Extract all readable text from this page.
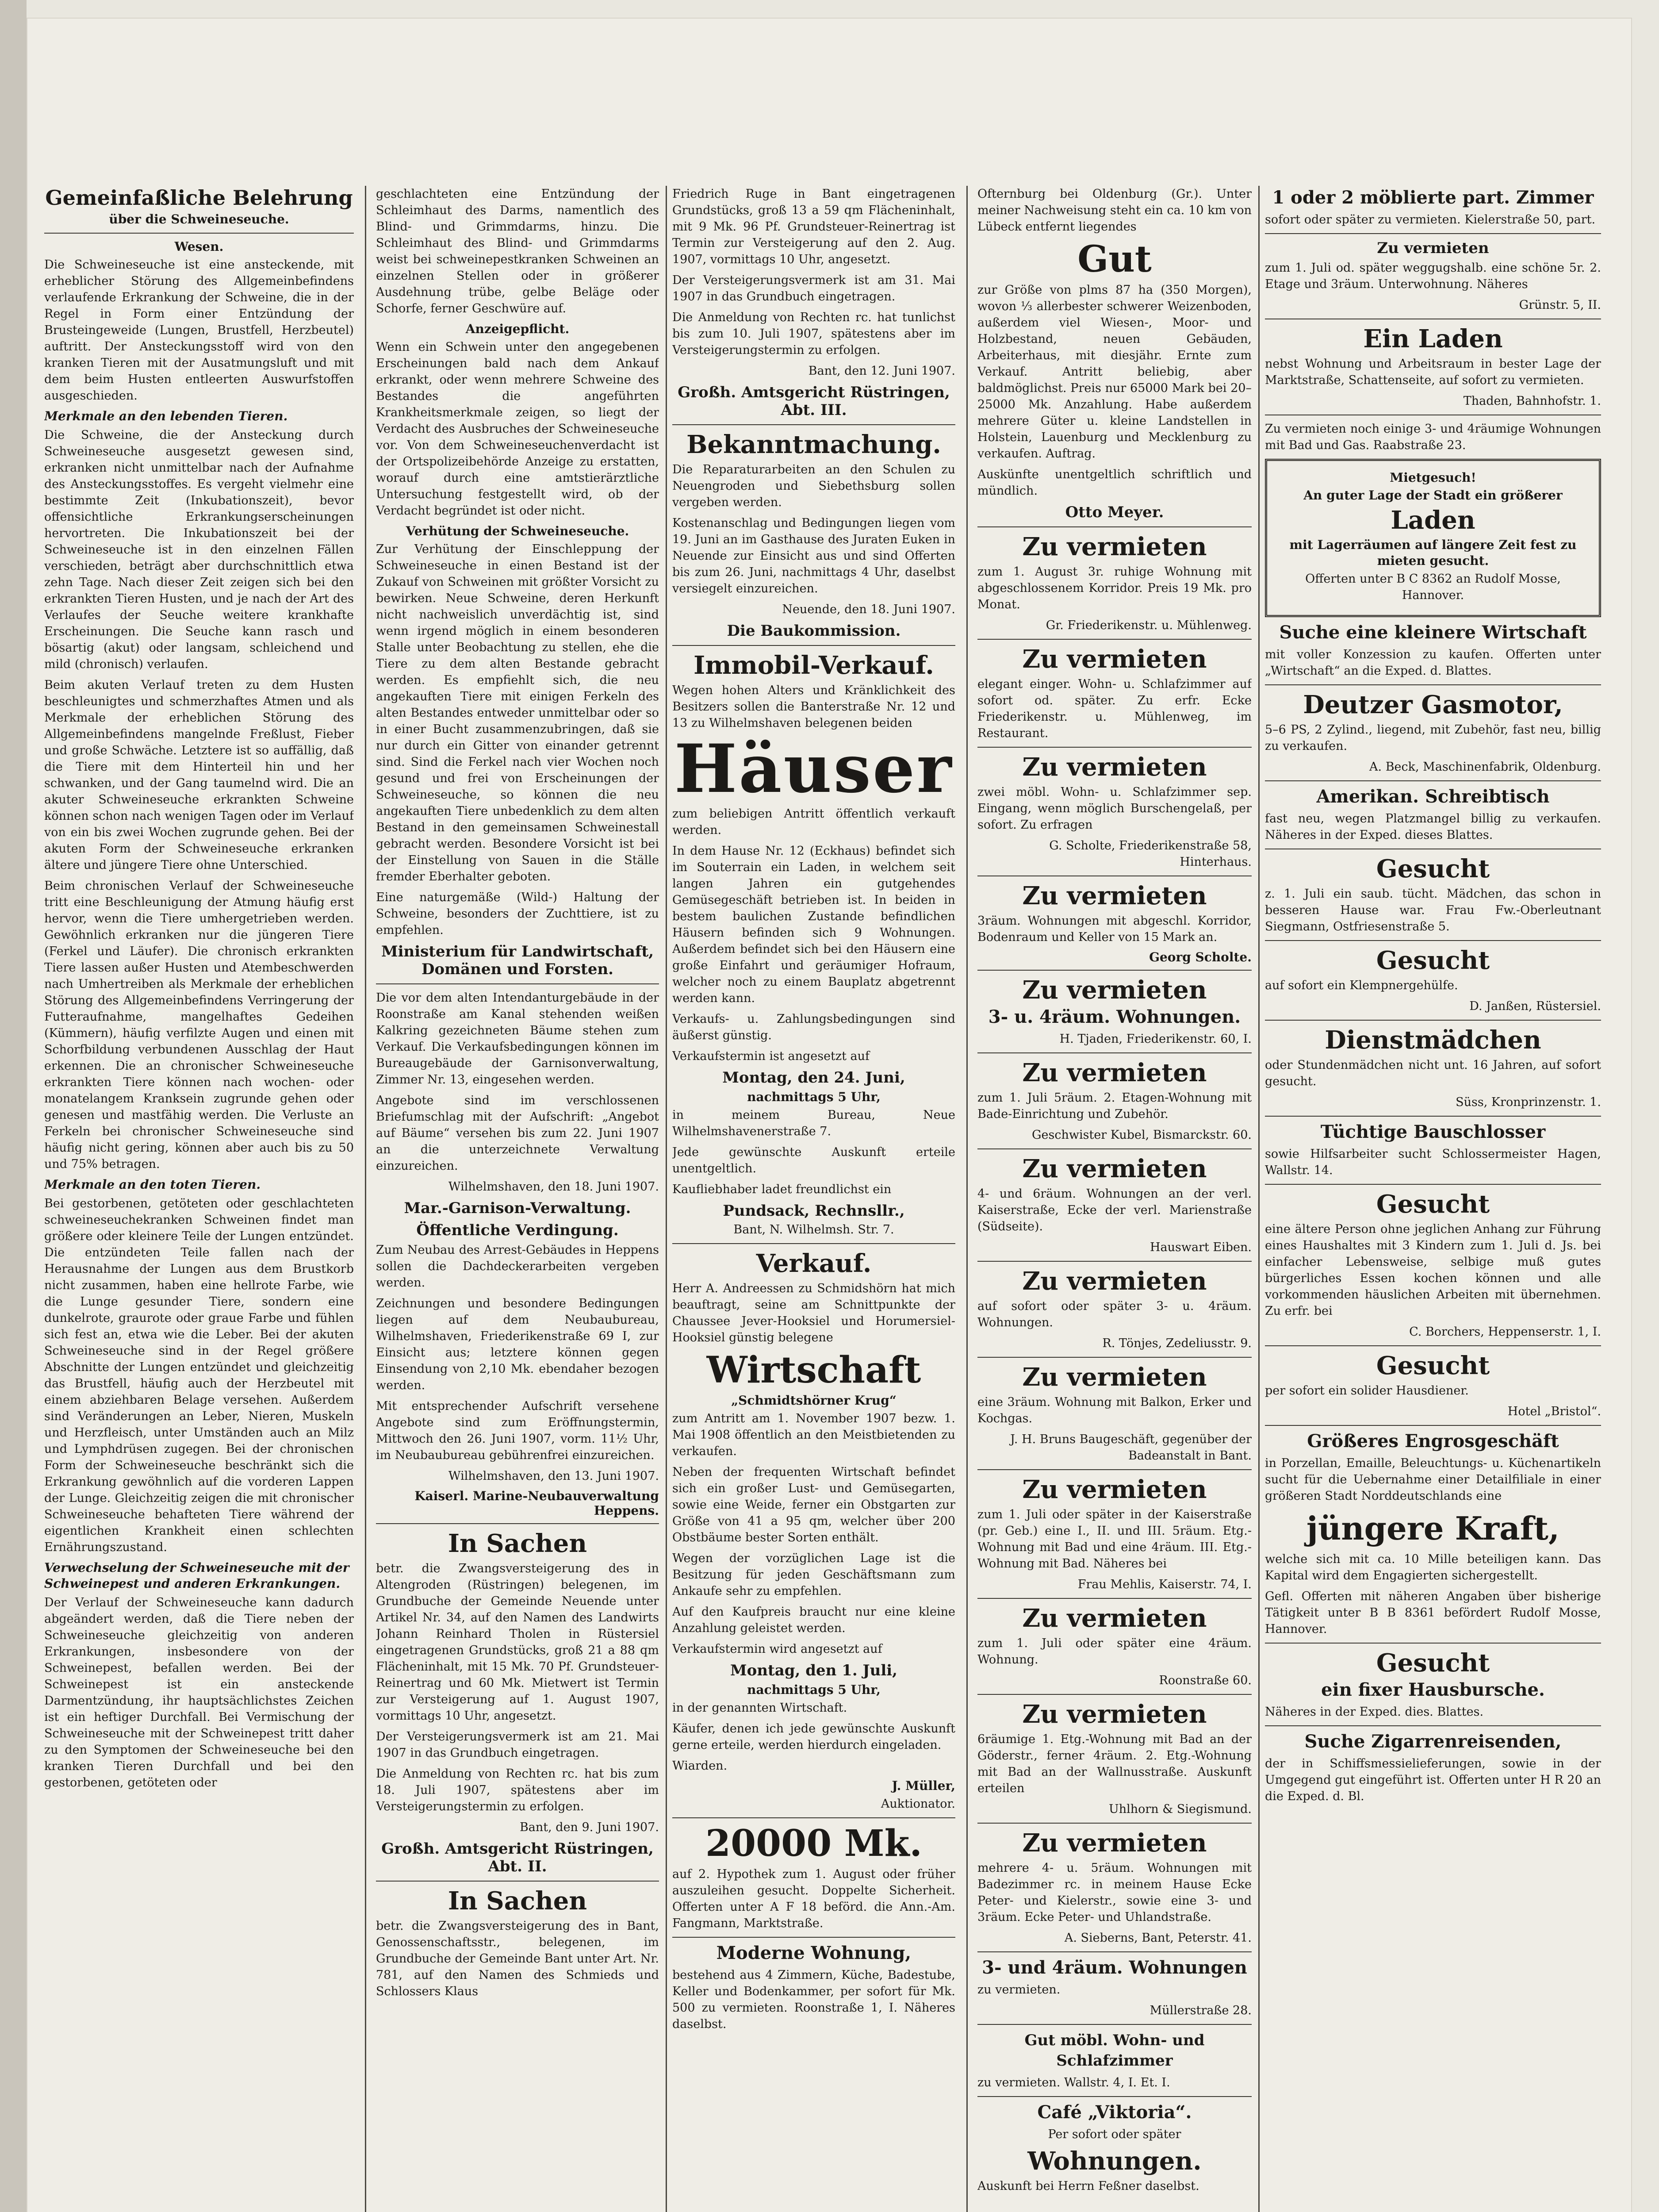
Gemeinfaßliche Belehrung
über die Schweineseuche.
Wesen.

Die Schweineseuche ist eine ansteckende, mit erheblicher Störung des Allgemeinbefindens verlaufende Erkrankung der Schweine, die in der Regel in Form einer Entzündung der Brusteingeweide (Lungen, Brustfell, Herzbeutel) auftritt. Der Ansteckungsstoff wird von den kranken Tieren mit der Ausatmungsluft und mit dem beim Husten entleerten Auswurfstoffen ausgeschieden.

Merkmale an den lebenden Tieren.

Die Schweine, die der Ansteckung durch Schweineseuche ausgesetzt gewesen sind, erkranken nicht unmittelbar nach der Aufnahme des Ansteckungsstoffes. Es vergeht vielmehr eine bestimmte Zeit (Inkubationszeit), bevor offensichtliche Erkrankungserscheinungen hervortreten. Die Inkubationszeit bei der Schweineseuche ist in den einzelnen Fällen verschieden, beträgt aber durchschnittlich etwa zehn Tage. Nach dieser Zeit zeigen sich bei den erkrankten Tieren Husten, und je nach der Art des Verlaufes der Seuche weitere krankhafte Erscheinungen. Die Seuche kann rasch und bösartig (akut) oder langsam, schleichend und mild (chronisch) verlaufen.

Beim akuten Verlauf treten zu dem Husten beschleunigtes und schmerzhaftes Atmen und als Merkmale der erheblichen Störung des Allgemeinbefindens mangelnde Freßlust, Fieber und große Schwäche. Letztere ist so auffällig, daß die Tiere mit dem Hinterteil hin und her schwanken, und der Gang taumelnd wird. Die an akuter Schweineseuche erkrankten Schweine können schon nach wenigen Tagen oder im Verlauf von ein bis zwei Wochen zugrunde gehen. Bei der akuten Form der Schweineseuche erkranken ältere und jüngere Tiere ohne Unterschied.

Beim chronischen Verlauf der Schweineseuche tritt eine Beschleunigung der Atmung häufig erst hervor, wenn die Tiere umhergetrieben werden. Gewöhnlich erkranken nur die jüngeren Tiere (Ferkel und Läufer). Die chronisch erkrankten Tiere lassen außer Husten und Atembeschwerden nach Umhertreiben als Merkmale der erheblichen Störung des Allgemeinbefindens Verringerung der Futteraufnahme, mangelhaftes Gedeihen (Kümmern), häufig verfilzte Augen und einen mit Schorfbildung verbundenen Ausschlag der Haut erkennen. Die an chronischer Schweineseuche erkrankten Tiere können nach wochen- oder monatelangem Kranksein zugrunde gehen oder genesen und mastfähig werden. Die Verluste an Ferkeln bei chronischer Schweineseuche sind häufig nicht gering, können aber auch bis zu 50 und 75% betragen.

Merkmale an den toten Tieren.

Bei gestorbenen, getöteten oder geschlachteten schweineseuchekranken Schweinen findet man größere oder kleinere Teile der Lungen entzündet. Die entzündeten Teile fallen nach der Herausnahme der Lungen aus dem Brustkorb nicht zusammen, haben eine hellrote Farbe, wie die Lunge gesunder Tiere, sondern eine dunkelrote, graurote oder graue Farbe und fühlen sich fest an, etwa wie die Leber. Bei der akuten Schweineseuche sind in der Regel größere Abschnitte der Lungen entzündet und gleichzeitig das Brustfell, häufig auch der Herzbeutel mit einem abziehbaren Belage versehen. Außerdem sind Veränderungen an Leber, Nieren, Muskeln und Herzfleisch, unter Umständen auch an Milz und Lymphdrüsen zugegen. Bei der chronischen Form der Schweineseuche beschränkt sich die Erkrankung gewöhnlich auf die vorderen Lappen der Lunge. Gleichzeitig zeigen die mit chronischer Schweineseuche behafteten Tiere während der eigentlichen Krankheit einen schlechten Ernährungszustand.

Verwechselung der Schweineseuche mit der Schweinepest und anderen Erkrankungen.

Der Verlauf der Schweineseuche kann dadurch abgeändert werden, daß die Tiere neben der Schweineseuche gleichzeitig von anderen Erkrankungen, insbesondere von der Schweinepest, befallen werden. Bei der Schweinepest ist ein ansteckende Darmentzündung, ihr hauptsächlichstes Zeichen ist ein heftiger Durchfall. Bei Vermischung der Schweineseuche mit der Schweinepest tritt daher zu den Symptomen der Schweineseuche bei den kranken Tieren Durchfall und bei den gestorbenen, getöteten oder

geschlachteten eine Entzündung der Schleimhaut des Darms, namentlich des Blind- und Grimmdarms, hinzu. Die Schleimhaut des Blind- und Grimmdarms weist bei schweinepestkranken Schweinen an einzelnen Stellen oder in größerer Ausdehnung trübe, gelbe Beläge oder Schorfe, ferner Geschwüre auf.

Anzeigepflicht.

Wenn ein Schwein unter den angegebenen Erscheinungen bald nach dem Ankauf erkrankt, oder wenn mehrere Schweine des Bestandes die angeführten Krankheitsmerkmale zeigen, so liegt der Verdacht des Ausbruches der Schweineseuche vor. Von dem Schweineseuchenverdacht ist der Ortspolizeibehörde Anzeige zu erstatten, worauf durch eine amtstierärztliche Untersuchung festgestellt wird, ob der Verdacht begründet ist oder nicht.

Verhütung der Schweineseuche.

Zur Verhütung der Einschleppung der Schweineseuche in einen Bestand ist der Zukauf von Schweinen mit größter Vorsicht zu bewirken. Neue Schweine, deren Herkunft nicht nachweislich unverdächtig ist, sind wenn irgend möglich in einem besonderen Stalle unter Beobachtung zu stellen, ehe die Tiere zu dem alten Bestande gebracht werden. Es empfiehlt sich, die neu angekauften Tiere mit einigen Ferkeln des alten Bestandes entweder unmittelbar oder so in einer Bucht zusammenzubringen, daß sie nur durch ein Gitter von einander getrennt sind. Sind die Ferkel nach vier Wochen noch gesund und frei von Erscheinungen der Schweineseuche, so können die neu angekauften Tiere unbedenklich zu dem alten Bestand in den gemeinsamen Schweinestall gebracht werden. Besondere Vorsicht ist bei der Einstellung von Sauen in die Ställe fremder Eberhalter geboten.

Eine naturgemäße (Wild-) Haltung der Schweine, besonders der Zuchttiere, ist zu empfehlen.

Ministerium für Landwirtschaft, Domänen und Forsten.

Die vor dem alten Intendanturgebäude in der Roonstraße am Kanal stehenden weißen Kalkring gezeichneten Bäume stehen zum Verkauf. Die Verkaufsbedingungen können im Bureaugebäude der Garnisonverwaltung, Zimmer Nr. 13, eingesehen werden.

Angebote sind im verschlossenen Briefumschlag mit der Aufschrift: „Angebot auf Bäume“ versehen bis zum 22. Juni 1907 an die unterzeichnete Verwaltung einzureichen.

Wilhelmshaven, den 18. Juni 1907.

Mar.-Garnison-Verwaltung.
Öffentliche Verdingung.

Zum Neubau des Arrest-Gebäudes in Heppens sollen die Dachdeckerarbeiten vergeben werden.

Zeichnungen und besondere Bedingungen liegen auf dem Neubaubureau, Wilhelmshaven, Friederikenstraße 69 I, zur Einsicht aus; letztere können gegen Einsendung von 2,10 Mk. ebendaher bezogen werden.

Mit entsprechender Aufschrift versehene Angebote sind zum Eröffnungstermin, Mittwoch den 26. Juni 1907, vorm. 11½ Uhr, im Neubaubureau gebührenfrei einzureichen.

Wilhelmshaven, den 13. Juni 1907.

Kaiserl. Marine-Neubauverwaltung Heppens.
In Sachen

betr. die Zwangsversteigerung des in Altengroden (Rüstringen) belegenen, im Grundbuche der Gemeinde Neuende unter Artikel Nr. 34, auf den Namen des Landwirts Johann Reinhard Tholen in Rüstersiel eingetragenen Grundstücks, groß 21 a 88 qm Flächeninhalt, mit 15 Mk. 70 Pf. Grundsteuer-Reinertrag und 60 Mk. Mietwert ist Termin zur Versteigerung auf 1. August 1907, vormittags 10 Uhr, angesetzt.

Der Versteigerungsvermerk ist am 21. Mai 1907 in das Grundbuch eingetragen.

Die Anmeldung von Rechten rc. hat bis zum 18. Juli 1907, spätestens aber im Versteigerungstermin zu erfolgen.

Bant, den 9. Juni 1907.

Großh. Amtsgericht Rüstringen, Abt. II.
In Sachen

betr. die Zwangsversteigerung des in Bant, Genossenschaftsstr., belegenen, im Grundbuche der Gemeinde Bant unter Art. Nr. 781, auf den Namen des Schmieds und Schlossers Klaus

Friedrich Ruge in Bant eingetragenen Grundstücks, groß 13 a 59 qm Flächeninhalt, mit 9 Mk. 96 Pf. Grundsteuer-Reinertrag ist Termin zur Versteigerung auf den 2. Aug. 1907, vormittags 10 Uhr, angesetzt.

Der Versteigerungsvermerk ist am 31. Mai 1907 in das Grundbuch eingetragen.

Die Anmeldung von Rechten rc. hat tunlichst bis zum 10. Juli 1907, spätestens aber im Versteigerungstermin zu erfolgen.

Bant, den 12. Juni 1907.

Großh. Amtsgericht Rüstringen, Abt. III.
Bekanntmachung.

Die Reparaturarbeiten an den Schulen zu Neuengroden und Siebethsburg sollen vergeben werden.

Kostenanschlag und Bedingungen liegen vom 19. Juni an im Gasthause des Juraten Euken in Neuende zur Einsicht aus und sind Offerten bis zum 26. Juni, nachmittags 4 Uhr, daselbst versiegelt einzureichen.

Neuende, den 18. Juni 1907.

Die Baukommission.
Immobil-Verkauf.

Wegen hohen Alters und Kränklichkeit des Besitzers sollen die Banterstraße Nr. 12 und 13 zu Wilhelmshaven belegenen beiden

Häuser

zum beliebigen Antritt öffentlich verkauft werden.

In dem Hause Nr. 12 (Eckhaus) befindet sich im Souterrain ein Laden, in welchem seit langen Jahren ein gutgehendes Gemüsegeschäft betrieben ist. In beiden in bestem baulichen Zustande befindlichen Häusern befinden sich 9 Wohnungen. Außerdem befindet sich bei den Häusern eine große Einfahrt und geräumiger Hofraum, welcher noch zu einem Bauplatz abgetrennt werden kann.

Verkaufs- u. Zahlungsbedingungen sind äußerst günstig.

Verkaufstermin ist angesetzt auf

Montag, den 24. Juni,
nachmittags 5 Uhr,

in meinem Bureau, Neue Wilhelmshavenerstraße 7.

Jede gewünschte Auskunft erteile unentgeltlich.

Kaufliebhaber ladet freundlichst ein

Pundsack, Rechnsllr.,

Bant, N. Wilhelmsh. Str. 7.

Verkauf.

Herr A. Andreessen zu Schmidshörn hat mich beauftragt, seine am Schnittpunkte der Chaussee Jever-Hooksiel und Horumersiel-Hooksiel günstig belegene

Wirtschaft
„Schmidtshörner Krug“

zum Antritt am 1. November 1907 bezw. 1. Mai 1908 öffentlich an den Meistbietenden zu verkaufen.

Neben der frequenten Wirtschaft befindet sich ein großer Lust- und Gemüsegarten, sowie eine Weide, ferner ein Obstgarten zur Größe von 41 a 95 qm, welcher über 200 Obstbäume bester Sorten enthält.

Wegen der vorzüglichen Lage ist die Besitzung für jeden Geschäftsmann zum Ankaufe sehr zu empfehlen.

Auf den Kaufpreis braucht nur eine kleine Anzahlung geleistet werden.

Verkaufstermin wird angesetzt auf

Montag, den 1. Juli,
nachmittags 5 Uhr,

in der genannten Wirtschaft.

Käufer, denen ich jede gewünschte Auskunft gerne erteile, werden hierdurch eingeladen.

Wiarden.

J. Müller,

Auktionator.

20000 Mk.

auf 2. Hypothek zum 1. August oder früher auszuleihen gesucht. Doppelte Sicherheit. Offerten unter A F 18 beförd. die Ann.-Am. Fangmann, Marktstraße.

Moderne Wohnung,

bestehend aus 4 Zimmern, Küche, Badestube, Keller und Bodenkammer, per sofort für Mk. 500 zu vermieten. Roonstraße 1, I. Näheres daselbst.

Ofternburg bei Oldenburg (Gr.). Unter meiner Nachweisung steht ein ca. 10 km von Lübeck entfernt liegendes

Gut

zur Größe von plms 87 ha (350 Morgen), wovon ⅓ allerbester schwerer Weizenboden, außerdem viel Wiesen-, Moor- und Holzbestand, neuen Gebäuden, Arbeiterhaus, mit diesjähr. Ernte zum Verkauf. Antritt beliebig, aber baldmöglichst. Preis nur 65000 Mark bei 20–25000 Mk. Anzahlung. Habe außerdem mehrere Güter u. kleine Landstellen in Holstein, Lauenburg und Mecklenburg zu verkaufen. Auftrag.

Auskünfte unentgeltlich schriftlich und mündlich.

Otto Meyer.
Zu vermieten

zum 1. August 3r. ruhige Wohnung mit abgeschlossenem Korridor. Preis 19 Mk. pro Monat.

Gr. Friederikenstr. u. Mühlenweg.

Zu vermieten

elegant einger. Wohn- u. Schlafzimmer auf sofort od. später. Zu erfr. Ecke Friederikenstr. u. Mühlenweg, im Restaurant.

Zu vermieten

zwei möbl. Wohn- u. Schlafzimmer sep. Eingang, wenn möglich Burschengelaß, per sofort. Zu erfragen

G. Scholte, Friederikenstraße 58, Hinterhaus.

Zu vermieten

3räum. Wohnungen mit abgeschl. Korridor, Bodenraum und Keller von 15 Mark an.

Georg Scholte.
Zu vermieten
3- u. 4räum. Wohnungen.

H. Tjaden, Friederikenstr. 60, I.

Zu vermieten

zum 1. Juli 5räum. 2. Etagen-Wohnung mit Bade-Einrichtung und Zubehör.

Geschwister Kubel, Bismarckstr. 60.

Zu vermieten

4- und 6räum. Wohnungen an der verl. Kaiserstraße, Ecke der verl. Marienstraße (Südseite).

Hauswart Eiben.

Zu vermieten

auf sofort oder später 3- u. 4räum. Wohnungen.

R. Tönjes, Zedeliusstr. 9.

Zu vermieten

eine 3räum. Wohnung mit Balkon, Erker und Kochgas.

J. H. Bruns Baugeschäft, gegenüber der Badeanstalt in Bant.

Zu vermieten

zum 1. Juli oder später in der Kaiserstraße (pr. Geb.) eine I., II. und III. 5räum. Etg.-Wohnung mit Bad und eine 4räum. III. Etg.-Wohnung mit Bad. Näheres bei

Frau Mehlis, Kaiserstr. 74, I.

Zu vermieten

zum 1. Juli oder später eine 4räum. Wohnung.

Roonstraße 60.

Zu vermieten

6räumige 1. Etg.-Wohnung mit Bad an der Göderstr., ferner 4räum. 2. Etg.-Wohnung mit Bad an der Wallnusstraße. Auskunft erteilen

Uhlhorn & Siegismund.

Zu vermieten

mehrere 4- u. 5räum. Wohnungen mit Badezimmer rc. in meinem Hause Ecke Peter- und Kielerstr., sowie eine 3- und 3räum. Ecke Peter- und Uhlandstraße.

A. Sieberns, Bant, Peterstr. 41.

3- und 4räum. Wohnungen

zu vermieten.

Müllerstraße 28.

Gut möbl. Wohn- und Schlafzimmer

zu vermieten. Wallstr. 4, I. Et. I.

Café „Viktoria“.

Per sofort oder später

Wohnungen.

Auskunft bei Herrn Feßner daselbst.

1 oder 2 möblierte part. Zimmer

sofort oder später zu vermieten. Kielerstraße 50, part.

Zu vermieten

zum 1. Juli od. später weggugshalb. eine schöne 5r. 2. Etage und 3räum. Unterwohnung. Näheres

Grünstr. 5, II.

Ein Laden

nebst Wohnung und Arbeitsraum in bester Lage der Marktstraße, Schattenseite, auf sofort zu vermieten.

Thaden, Bahnhofstr. 1.

Zu vermieten noch einige 3- und 4räumige Wohnungen mit Bad und Gas. Raabstraße 23.

Mietgesuch!
An guter Lage der Stadt ein größerer
Laden
mit Lagerräumen auf längere Zeit fest zu mieten gesucht.

Offerten unter B C 8362 an Rudolf Mosse, Hannover.

Suche eine kleinere Wirtschaft

mit voller Konzession zu kaufen. Offerten unter „Wirtschaft“ an die Exped. d. Blattes.

Deutzer Gasmotor,

5–6 PS, 2 Zylind., liegend, mit Zubehör, fast neu, billig zu verkaufen.

A. Beck, Maschinenfabrik, Oldenburg.

Amerikan. Schreibtisch

fast neu, wegen Platzmangel billig zu verkaufen. Näheres in der Exped. dieses Blattes.

Gesucht

z. 1. Juli ein saub. tücht. Mädchen, das schon in besseren Hause war. Frau Fw.-Oberleutnant Siegmann, Ostfriesenstraße 5.

Gesucht

auf sofort ein Klempnergehülfe.

D. Janßen, Rüstersiel.

Dienstmädchen

oder Stundenmädchen nicht unt. 16 Jahren, auf sofort gesucht.

Süss, Kronprinzenstr. 1.

Tüchtige Bauschlosser

sowie Hilfsarbeiter sucht Schlossermeister Hagen, Wallstr. 14.

Gesucht

eine ältere Person ohne jeglichen Anhang zur Führung eines Haushaltes mit 3 Kindern zum 1. Juli d. Js. bei einfacher Lebensweise, selbige muß gutes bürgerliches Essen kochen können und alle vorkommenden häuslichen Arbeiten mit übernehmen. Zu erfr. bei

C. Borchers, Heppenserstr. 1, I.

Gesucht

per sofort ein solider Hausdiener.

Hotel „Bristol“.

Größeres Engrosgeschäft

in Porzellan, Emaille, Beleuchtungs- u. Küchenartikeln sucht für die Uebernahme einer Detailfiliale in einer größeren Stadt Norddeutschlands eine

jüngere Kraft,

welche sich mit ca. 10 Mille beteiligen kann. Das Kapital wird dem Engagierten sichergestellt.

Gefl. Offerten mit näheren Angaben über bisherige Tätigkeit unter B B 8361 befördert Rudolf Mosse, Hannover.

Gesucht
ein fixer Hausbursche.

Näheres in der Exped. dies. Blattes.

Suche Zigarrenreisenden,

der in Schiffsmessielieferungen, sowie in der Umgegend gut eingeführt ist. Offerten unter H R 20 an die Exped. d. Bl.
